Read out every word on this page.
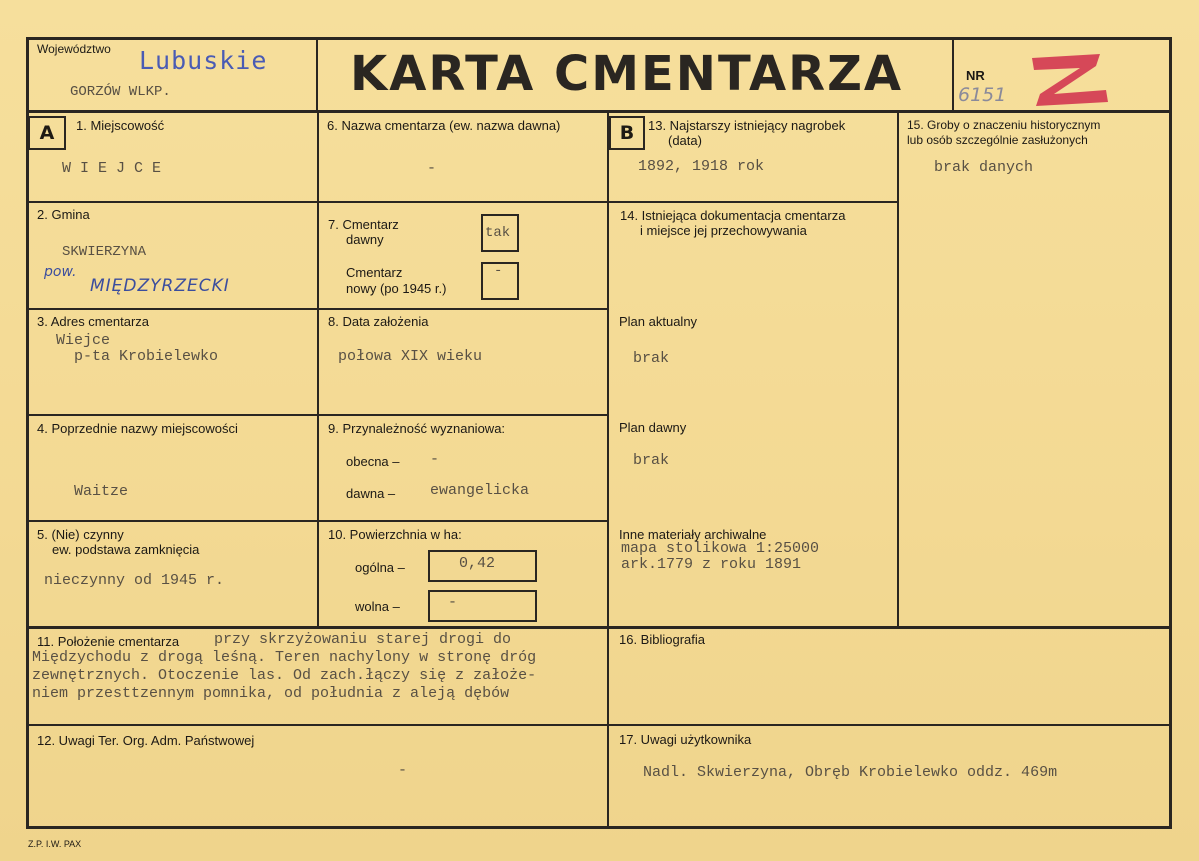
Województwo Lubuskie
GORZÓW WLKP.	KARTA CMENTARZA	NR
6151
A	B
1. Miejscowość
W I E J C E
2. Gmina
SKWIERZYNA
pow.
MIĘDZYRZECKI
3. Adres cmentarza
Wiejce
p-ta Krobielewko
4. Poprzednie nazwy miejscowości
Waitze
5. (Nie) czynny
ew. podstawa zamknięcia
nieczynny od 1945 r.
6. Nazwa cmentarza (ew. nazwa dawna)
-
7. Cmentarz
dawny	tak
Cmentarz
nowy (po 1945 r.)
-
8. Data założenia
połowa XIX wieku
9. Przynależność wyznaniowa:
obecna – -
dawna – ewangelicka
10. Powierzchnia w ha:
ogólna –	0,42
wolna –	-
11. Położenie cmentarza przy skrzyżowaniu starej drogi do
Międzychodu z drogą leśną. Teren nachylony w stronę dróg
zewnętrznych. Otoczenie las. Od zach.łączy się z założe-
niem przesttzennym pomnika, od południa z aleją dębów
12. Uwagi Ter. Org. Adm. Państwowej
-
13. Najstarszy istniejący nagrobek
(data)
1892, 1918 rok
14. Istniejąca dokumentacja cmentarza
i miejsce jej przechowywania
Plan aktualny
brak
Plan dawny
brak
Inne materiały archiwalne
mapa stolikowa 1:25000
ark.1779 z roku 1891
15. Groby o znaczeniu historycznym
lub osób szczególnie zasłużonych
brak danych
16. Bibliografia
17. Uwagi użytkownika
Nadl. Skwierzyna, Obręb Krobielewko oddz. 469m
Z.P. I.W. PAX
